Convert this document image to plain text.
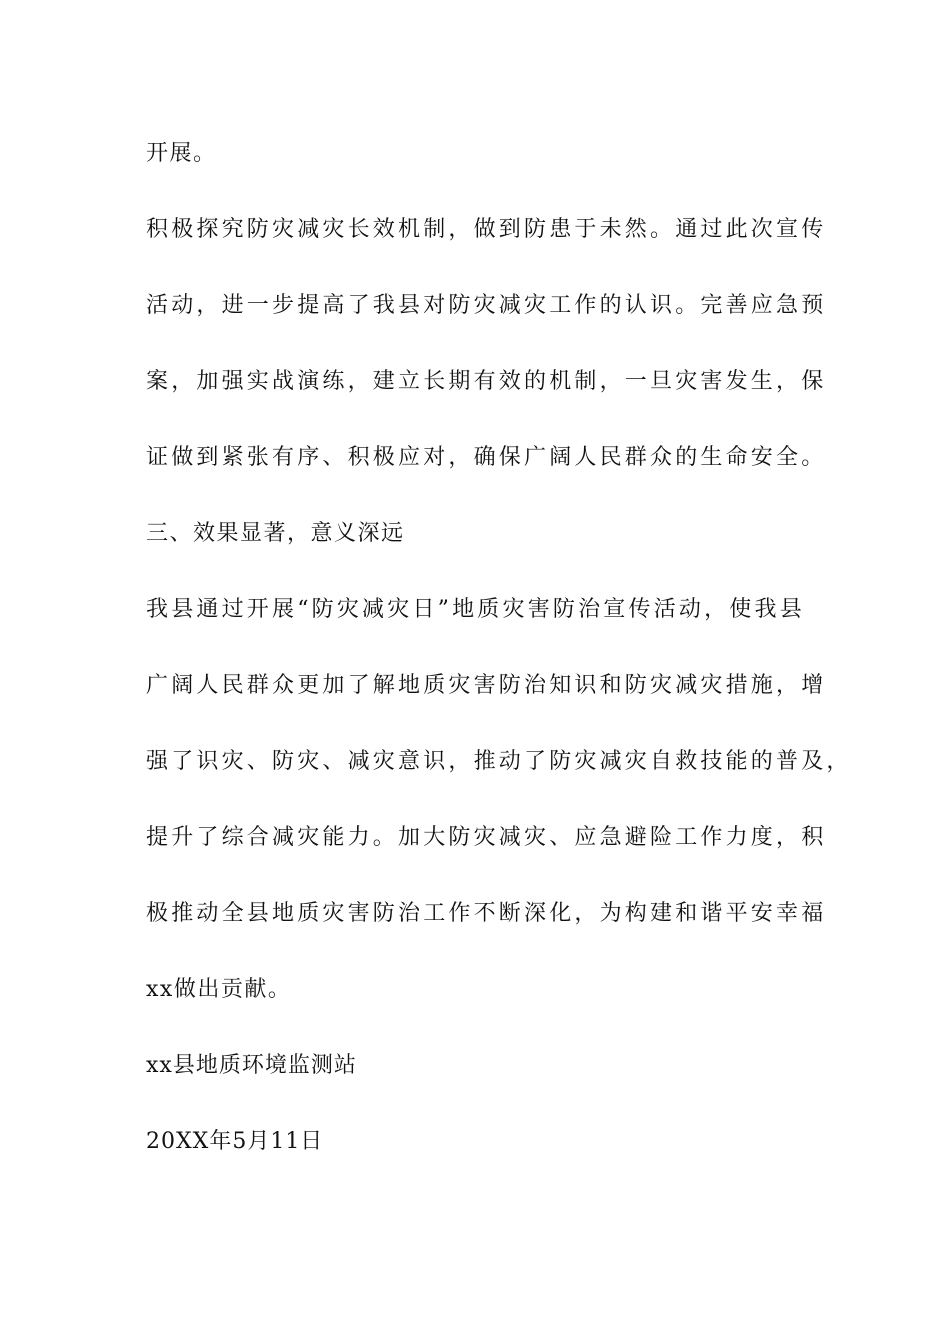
开展。
积极探究防灾减灾长效机制，做到防患于未然。通过此次宣传
活动，进一步提高了我县对防灾减灾工作的认识。完善应急预
案，加强实战演练，建立长期有效的机制，一旦灾害发生，保
证做到紧张有序、积极应对，确保广阔人民群众的生命安全。
三、效果显著，意义深远
我县通过开展“防灾减灾日”地质灾害防治宣传活动，使我县
广阔人民群众更加了解地质灾害防治知识和防灾减灾措施，增
强了识灾、防灾、减灾意识，推动了防灾减灾自救技能的普及，
提升了综合减灾能力。加大防灾减灾、应急避险工作力度，积
极推动全县地质灾害防治工作不断深化，为构建和谐平安幸福
xx做出贡献。
xx县地质环境监测站
20XX年5月11日
